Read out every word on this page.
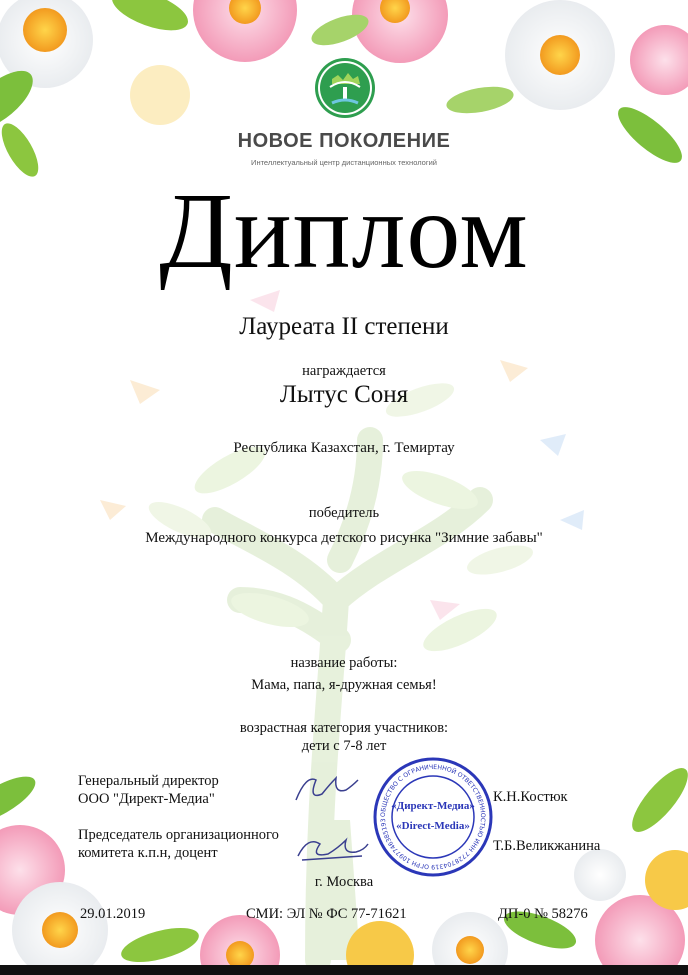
НОВОЕ ПОКОЛЕНИЕ
Интеллектуальный центр дистанционных технологий
Диплом
Лауреата II степени
награждается
Лытус Соня
Республика Казахстан, г. Темиртау
победитель
Международного конкурса детского рисунка "Зимние забавы"
название работы:
Мама, папа, я-дружная семья!
возрастная категория участников:
дети с 7-8 лет
Генеральный директор
ООО "Директ-Медиа"
Председатель организационного
комитета к.п.н, доцент
ОБЩЕСТВО С ОГРАНИЧЕННОЙ ОТВЕТСТВЕННОСТЬЮ ИНН 7728704319 ОГРН 1097746385193
«Директ-Медиа»
«Direct-Media»
К.Н.Костюк
Т.Б.Великжанина
г. Москва
29.01.2019	СМИ: ЭЛ № ФС 77-71621	ДП-0 № 58276
